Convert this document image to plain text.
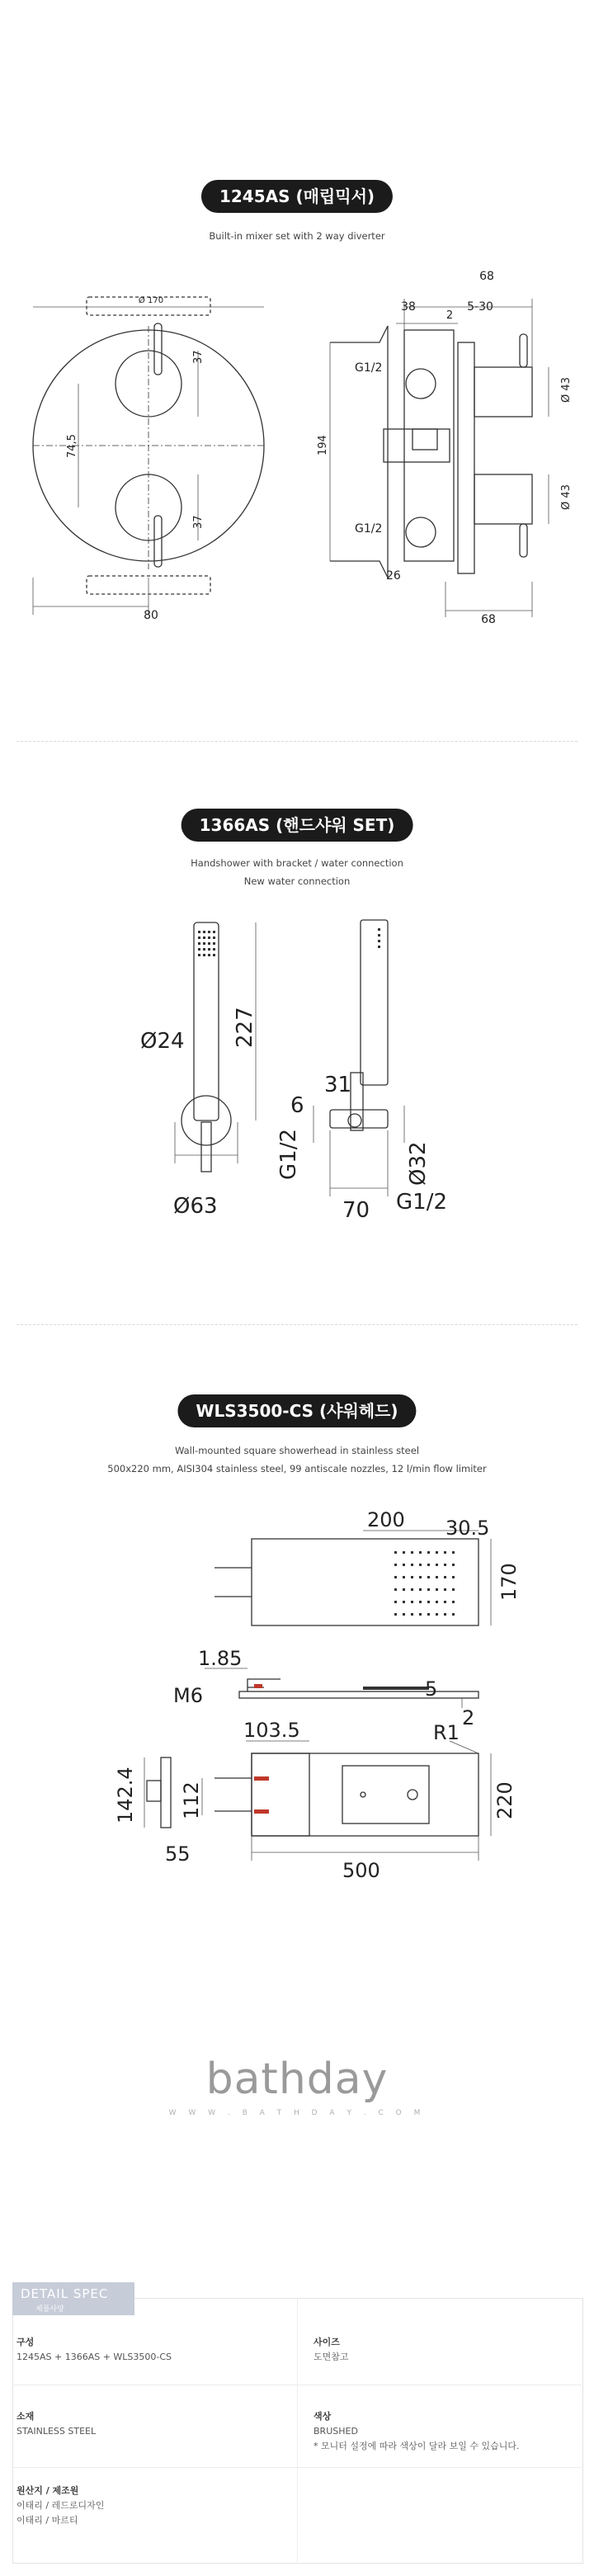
1245AS (매립믹서)
Built-in mixer set with 2 way diverter
Ø 170
37
37
74,5
80
68
38	5-30
2
194
G1/2
G1/2
Ø 43
Ø 43
26
68
1366AS (핸드샤워 SET)
Handshower with bracket / water connection
New water connection
Ø24 227
Ø63
6
31
G1/2	Ø32
70 G1/2
WLS3500-CS (샤워헤드)
Wall-mounted square showerhead in stainless steel
500x220 mm, AISI304 stainless steel, 99 antiscale nozzles, 12 l/min flow limiter
200 30.5
170
1.85
M6	5
2
103.5	R1
142.4 112	220
55
500
bathday
W W W . B A T H D A Y . C O M
DETAIL SPEC
제품사양
구성
1245AS + 1366AS + WLS3500-CS
사이즈
도면참고
소재
STAINLESS STEEL
색상
BRUSHED
* 모니터 설정에 따라 색상이 달라 보일 수 있습니다.
원산지 / 제조원
이태리 / 레드로디자인
이태리 / 마르티
